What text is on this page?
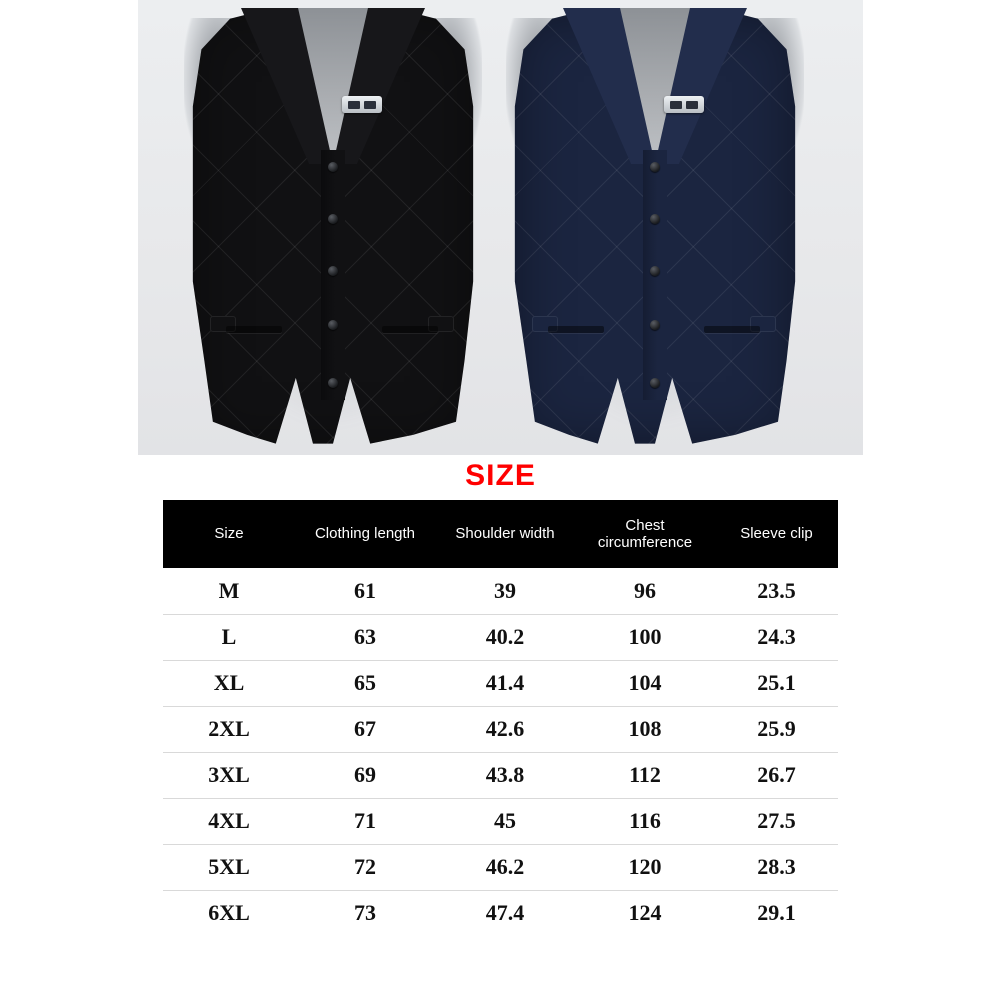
SIZE
Size	Clothing length	Shoulder width	Chest circumference	Sleeve clip
M	61	39	96	23.5
L	63	40.2	100	24.3
XL	65	41.4	104	25.1
2XL	67	42.6	108	25.9
3XL	69	43.8	112	26.7
4XL	71	45	116	27.5
5XL	72	46.2	120	28.3
6XL	73	47.4	124	29.1
